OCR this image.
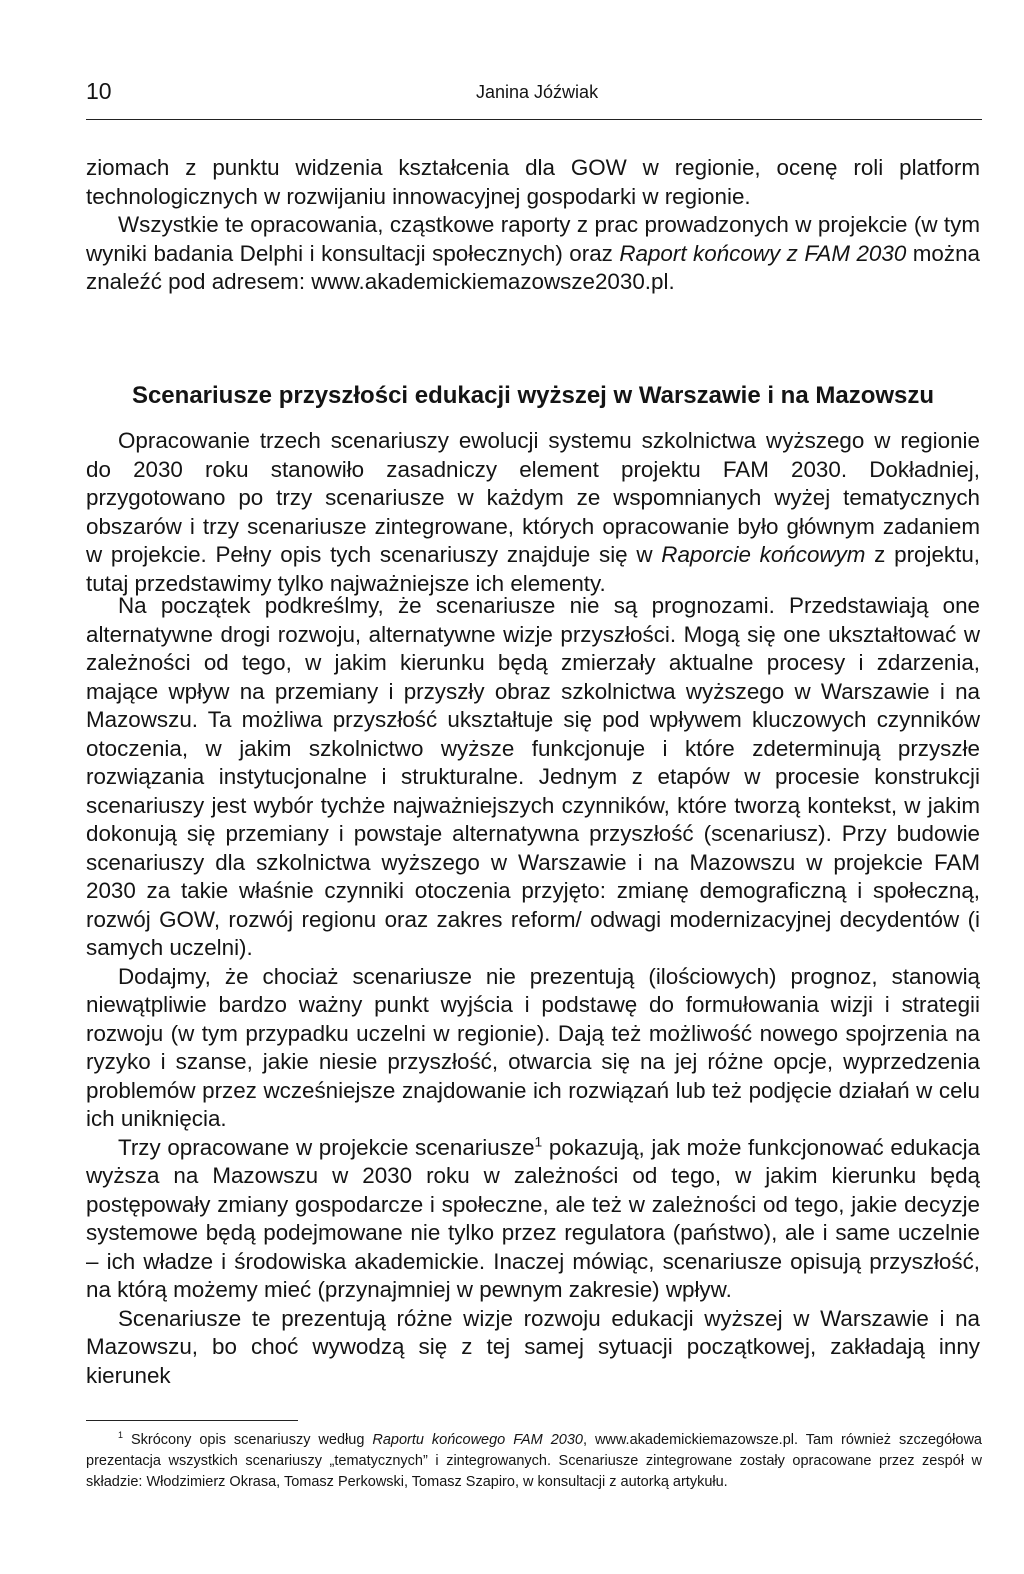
10	Janina Jóźwiak

ziomach z punktu widzenia kształcenia dla GOW w regionie, ocenę roli platform technologicznych w rozwijaniu innowacyjnej gospodarki w regionie.

Wszystkie te opracowania, cząstkowe raporty z prac prowadzonych w projekcie (w tym wyniki badania Delphi i konsultacji społecznych) oraz Raport końcowy z FAM 2030 można znaleźć pod adresem: www.akademickiemazowsze2030.pl.

Scenariusze przyszłości edukacji wyższej w Warszawie i na Mazowszu

Opracowanie trzech scenariuszy ewolucji systemu szkolnictwa wyższego w regionie do 2030 roku stanowiło zasadniczy element projektu FAM 2030. Dokładniej, przygotowano po trzy scenariusze w każdym ze wspomnianych wyżej tematycznych obszarów i trzy scenariusze zintegrowane, których opracowanie było głównym zadaniem w projekcie. Pełny opis tych scenariuszy znajduje się w Raporcie końcowym z projektu, tutaj przedstawimy tylko najważniejsze ich elementy.

Na początek podkreślmy, że scenariusze nie są prognozami. Przedstawiają one alternatywne drogi rozwoju, alternatywne wizje przyszłości. Mogą się one ukształtować w zależności od tego, w jakim kierunku będą zmierzały aktualne procesy i zdarzenia, mające wpływ na przemiany i przyszły obraz szkolnictwa wyższego w Warszawie i na Mazowszu. Ta możliwa przyszłość ukształtuje się pod wpływem kluczowych czynników otoczenia, w jakim szkolnictwo wyższe funkcjonuje i które zdeterminują przyszłe rozwiązania instytucjonalne i strukturalne. Jednym z etapów w procesie konstrukcji scenariuszy jest wybór tychże najważniejszych czynników, które tworzą kontekst, w jakim dokonują się przemiany i powstaje alternatywna przyszłość (scenariusz). Przy budowie scenariuszy dla szkolnictwa wyższego w Warszawie i na Mazowszu w projekcie FAM 2030 za takie właśnie czynniki otoczenia przyjęto: zmianę demograficzną i społeczną, rozwój GOW, rozwój regionu oraz zakres reform/ odwagi modernizacyjnej decydentów (i samych uczelni).

Dodajmy, że chociaż scenariusze nie prezentują (ilościowych) prognoz, stanowią niewątpliwie bardzo ważny punkt wyjścia i podstawę do formułowania wizji i strategii rozwoju (w tym przypadku uczelni w regionie). Dają też możliwość nowego spojrzenia na ryzyko i szanse, jakie niesie przyszłość, otwarcia się na jej różne opcje, wyprzedzenia problemów przez wcześniejsze znajdowanie ich rozwiązań lub też podjęcie działań w celu ich uniknięcia.

Trzy opracowane w projekcie scenariusze$^1$ pokazują, jak może funkcjonować edukacja wyższa na Mazowszu w 2030 roku w zależności od tego, w jakim kierunku będą postępowały zmiany gospodarcze i społeczne, ale też w zależności od tego, jakie decyzje systemowe będą podejmowane nie tylko przez regulatora (państwo), ale i same uczelnie – ich władze i środowiska akademickie. Inaczej mówiąc, scenariusze opisują przyszłość, na którą możemy mieć (przynajmniej w pewnym zakresie) wpływ.

Scenariusze te prezentują różne wizje rozwoju edukacji wyższej w Warszawie i na Mazowszu, bo choć wywodzą się z tej samej sytuacji początkowej, zakładają inny kierunek

$^1$ Skrócony opis scenariuszy według Raportu końcowego FAM 2030, www.akademickiemazowsze.pl. Tam również szczegółowa prezentacja wszystkich scenariuszy „tematycznych” i zintegrowanych. Scenariusze zintegrowane zostały opracowane przez zespół w składzie: Włodzimierz Okrasa, Tomasz Perkowski, Tomasz Szapiro, w konsultacji z autorką artykułu.
